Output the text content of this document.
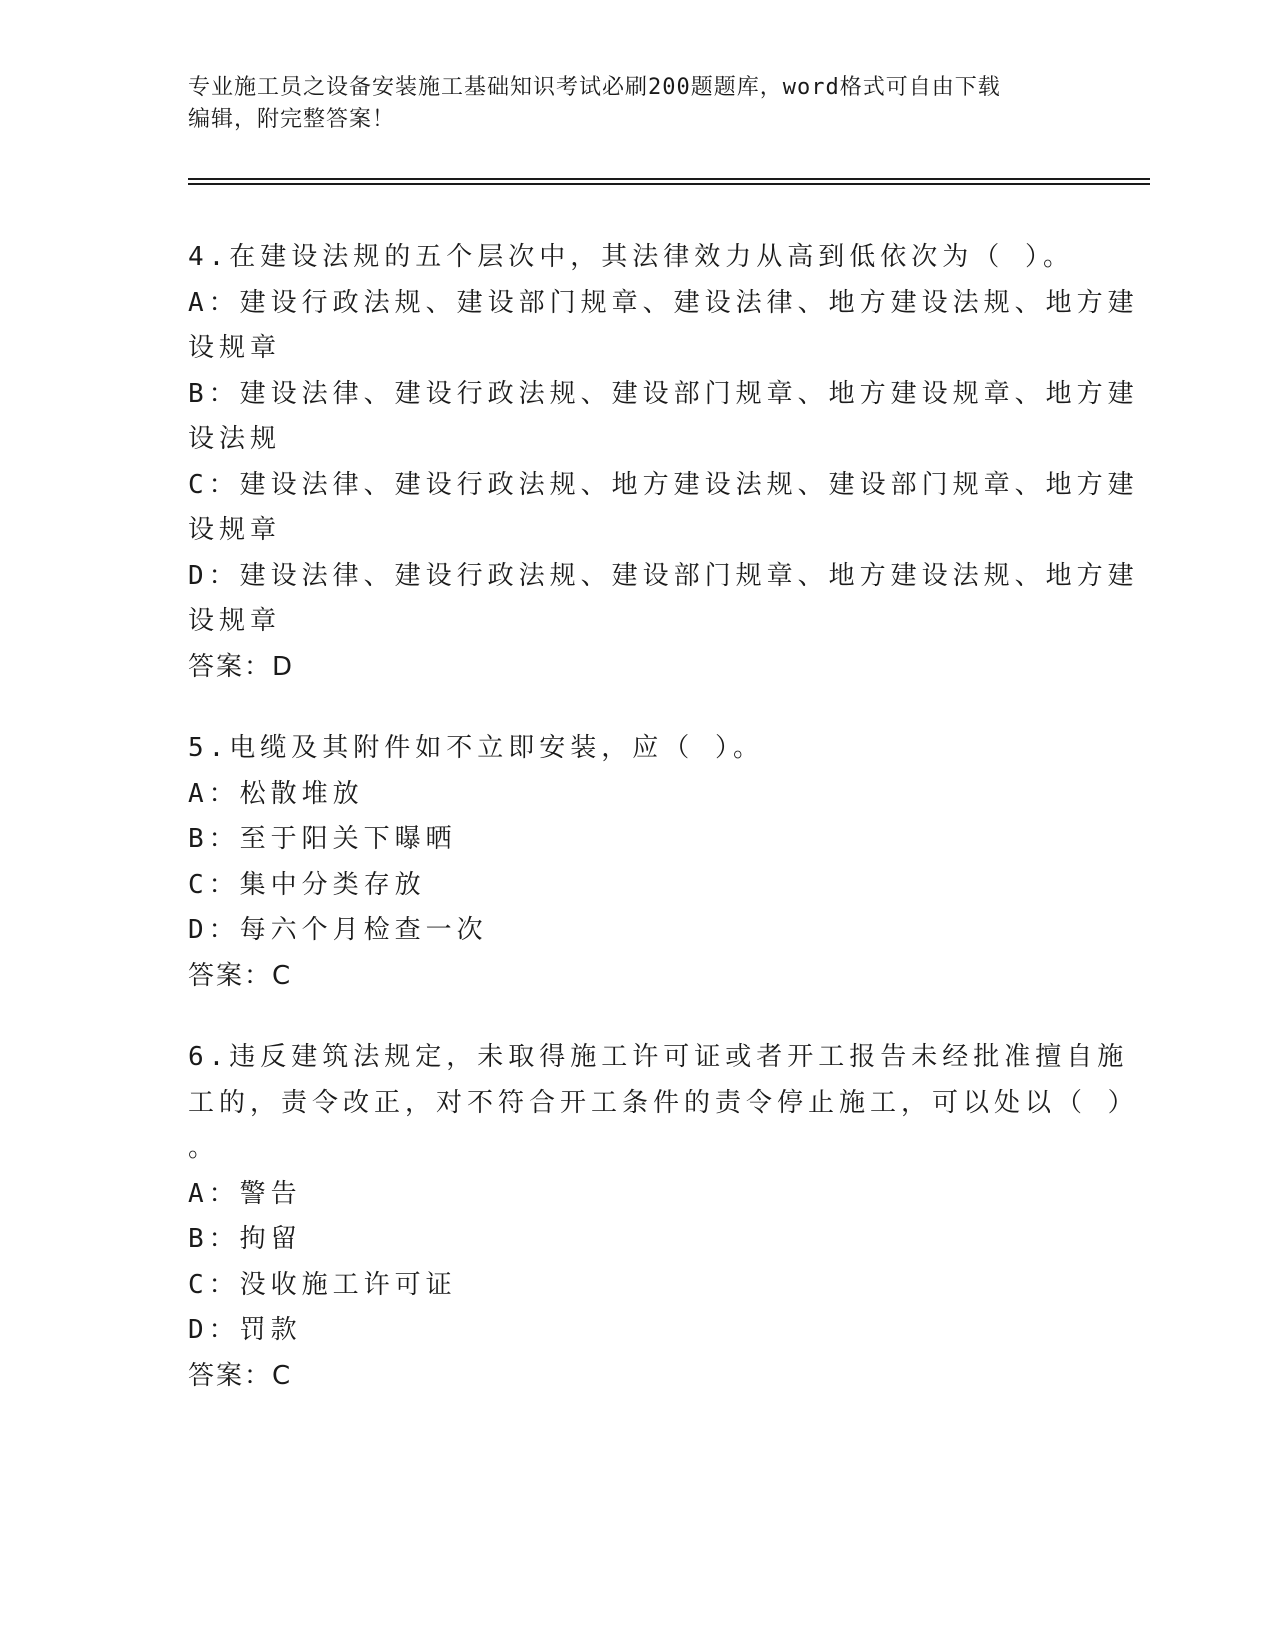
专业施工员之设备安装施工基础知识考试必刷200题题库，word格式可自由下载
编辑，附完整答案！
4.在建设法规的五个层次中，其法律效力从高到低依次为（ ）。
A：建设行政法规、建设部门规章、建设法律、地方建设法规、地方建
设规章
B：建设法律、建设行政法规、建设部门规章、地方建设规章、地方建
设法规
C：建设法律、建设行政法规、地方建设法规、建设部门规章、地方建
设规章
D：建设法律、建设行政法规、建设部门规章、地方建设法规、地方建
设规章
答案：D
5.电缆及其附件如不立即安装，应（ ）。
A：松散堆放
B：至于阳关下曝晒
C：集中分类存放
D：每六个月检查一次
答案：C
6.违反建筑法规定，未取得施工许可证或者开工报告未经批准擅自施
工的，责令改正，对不符合开工条件的责令停止施工，可以处以（ ）
。
A：警告
B：拘留
C：没收施工许可证
D：罚款
答案：C
